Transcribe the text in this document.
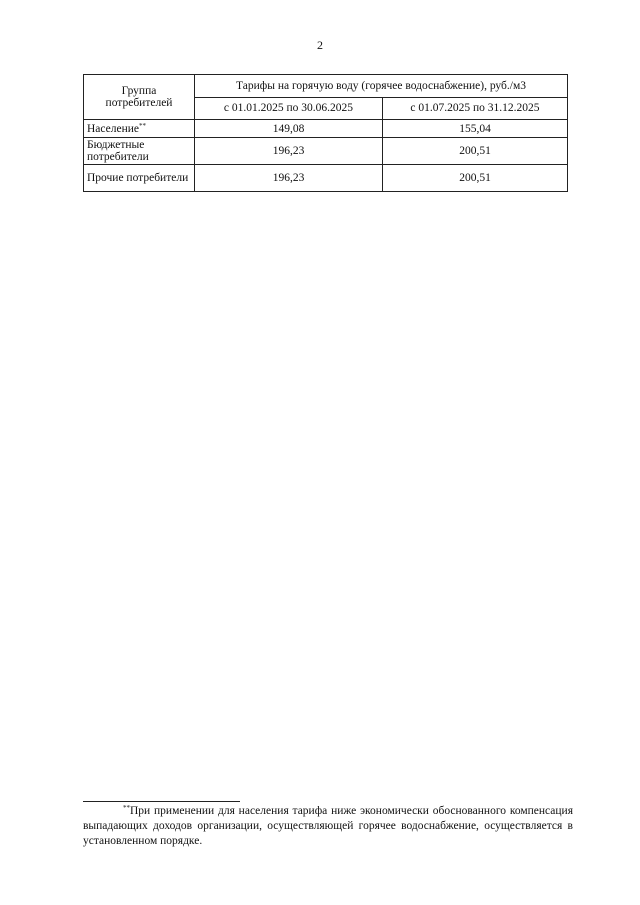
2
Группа потребителей	Тарифы на горячую воду (горячее водоснабжение), руб./м3	
	с 01.01.2025 по 30.06.2025	с 01.07.2025 по 31.12.2025
Население**	149,08	155,04
Бюджетные потребители	196,23	200,51
Прочие потребители	196,23	200,51
**При применении для населения тарифа ниже экономически обоснованного компенсация выпадающих доходов организации, осуществляющей горячее водоснабжение, осуществляется в установленном порядке.
